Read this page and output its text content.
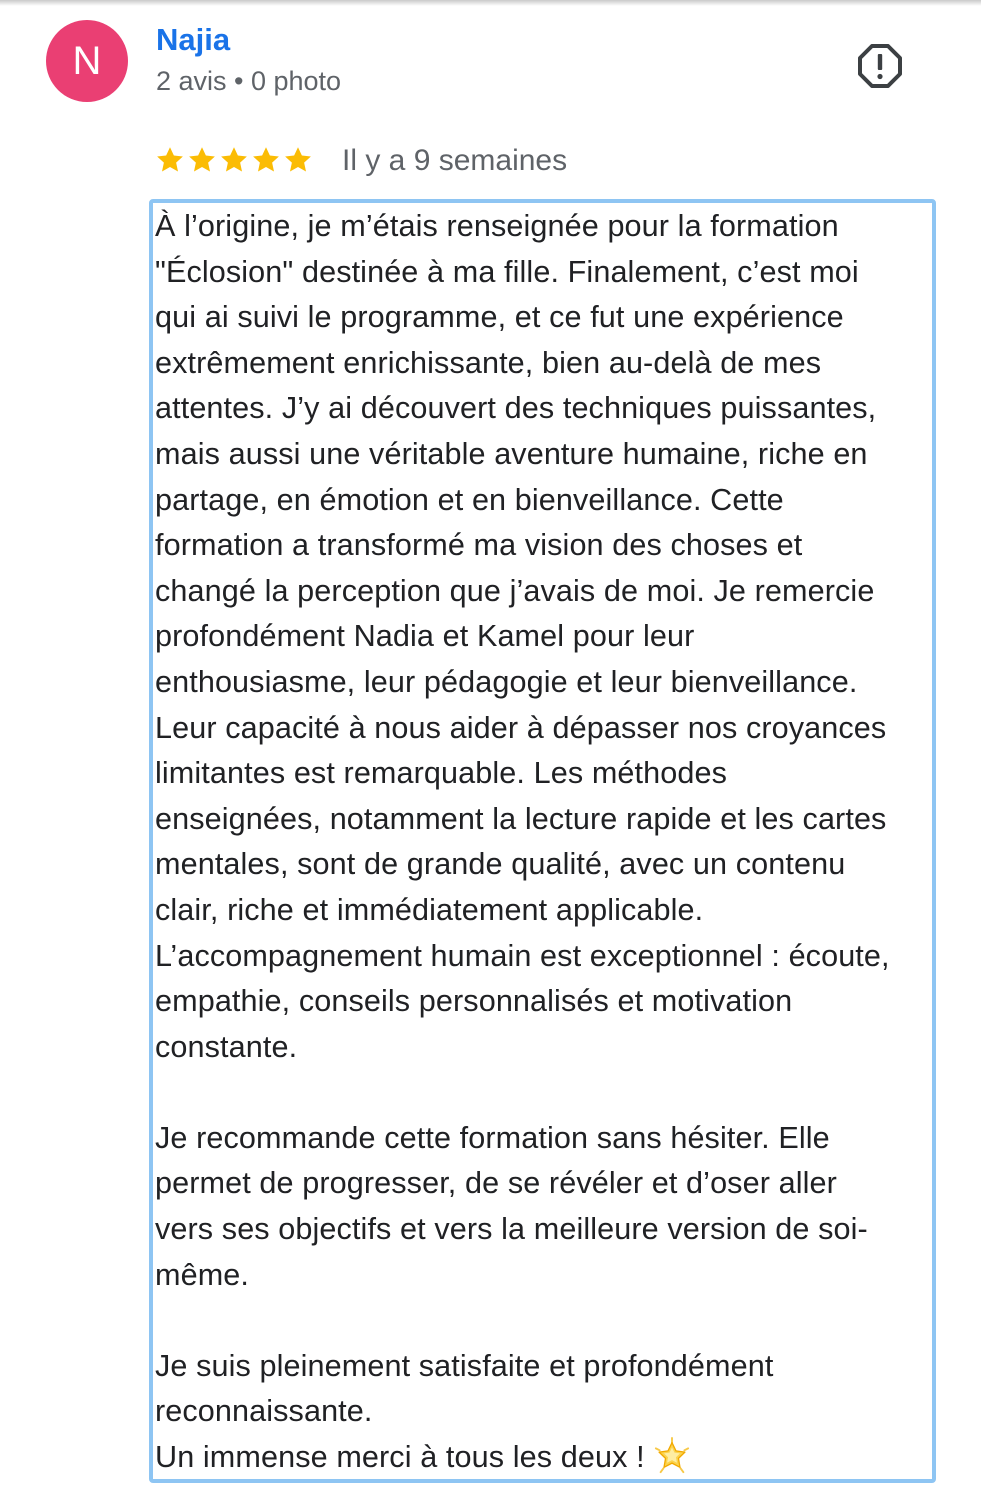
N	Najia
2 avis • 0 photo
Il y a 9 semaines
À l’origine, je m’étais renseignée pour la formation
"Éclosion" destinée à ma fille. Finalement, c’est moi
qui ai suivi le programme, et ce fut une expérience
extrêmement enrichissante, bien au-delà de mes
attentes. J’y ai découvert des techniques puissantes,
mais aussi une véritable aventure humaine, riche en
partage, en émotion et en bienveillance. Cette
formation a transformé ma vision des choses et
changé la perception que j’avais de moi. Je remercie
profondément Nadia et Kamel pour leur
enthousiasme, leur pédagogie et leur bienveillance.
Leur capacité à nous aider à dépasser nos croyances
limitantes est remarquable. Les méthodes
enseignées, notamment la lecture rapide et les cartes
mentales, sont de grande qualité, avec un contenu
clair, riche et immédiatement applicable.
L’accompagnement humain est exceptionnel : écoute,
empathie, conseils personnalisés et motivation
constante.
Je recommande cette formation sans hésiter. Elle
permet de progresser, de se révéler et d’oser aller
vers ses objectifs et vers la meilleure version de soi-
même.
Je suis pleinement satisfaite et profondément
reconnaissante.
Un immense merci à tous les deux !
